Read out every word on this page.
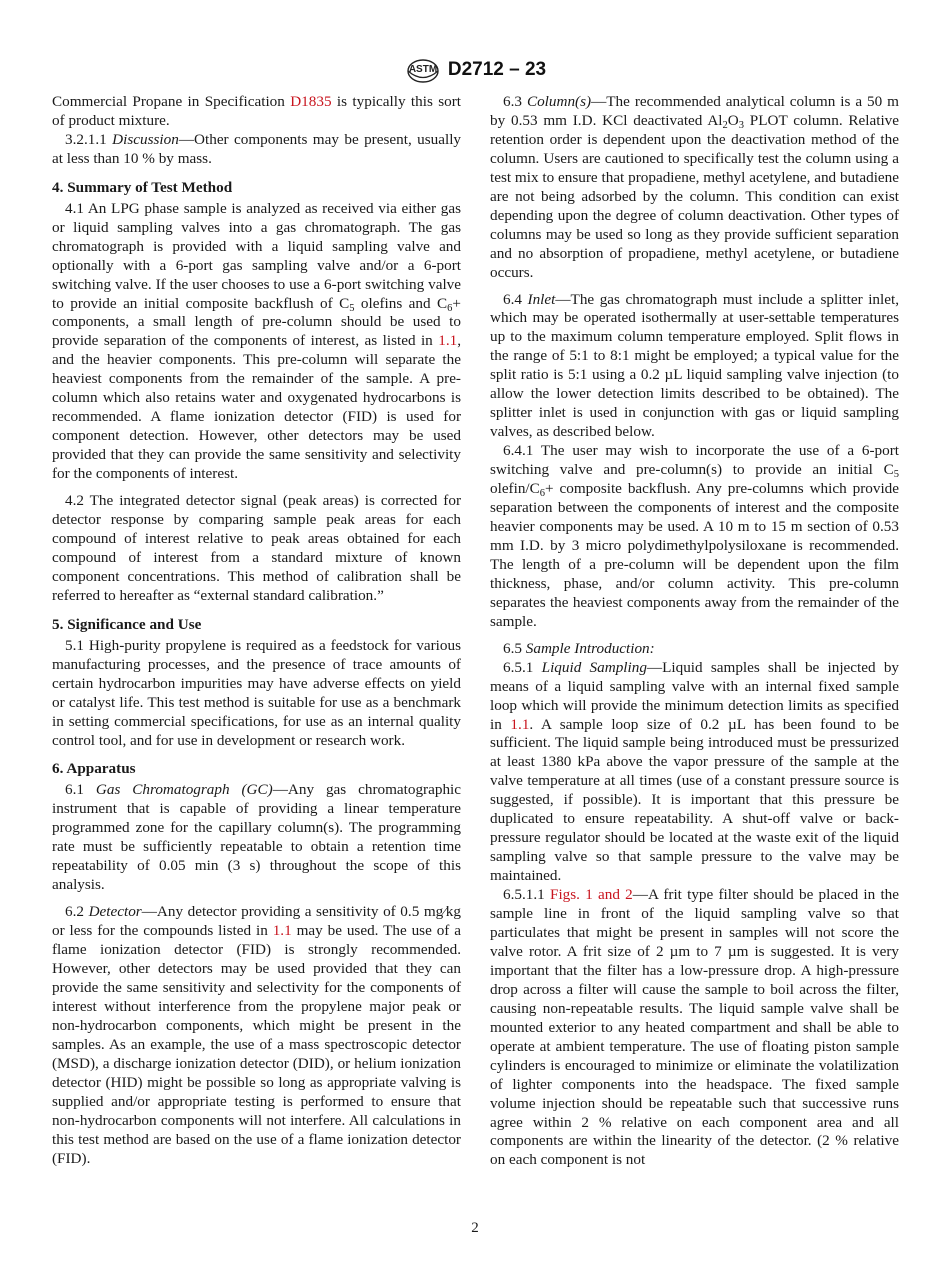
ASTM D2712 – 23
Commercial Propane in Specification D1835 is typically this sort of product mixture.
3.2.1.1 Discussion—Other components may be present, usually at less than 10 % by mass.
4. Summary of Test Method
4.1 An LPG phase sample is analyzed as received via either gas or liquid sampling valves into a gas chromatograph. The gas chromatograph is provided with a liquid sampling valve and optionally with a 6-port gas sampling valve and/or a 6-port switching valve. If the user chooses to use a 6-port switching valve to provide an initial composite backflush of $C_5$ olefins and $C_6+$ components, a small length of pre-column should be used to provide separation of the components of interest, as listed in 1.1, and the heavier components. This pre-column will separate the heaviest components from the remainder of the sample. A pre-column which also retains water and oxygenated hydrocarbons is recommended. A flame ionization detector (FID) is used for component detection. However, other detectors may be used provided that they can provide the same sensitivity and selectivity for the components of interest.
4.2 The integrated detector signal (peak areas) is corrected for detector response by comparing sample peak areas for each compound of interest relative to peak areas obtained for each compound of interest from a standard mixture of known component concentrations. This method of calibration shall be referred to hereafter as “external standard calibration.”
5. Significance and Use
5.1 High-purity propylene is required as a feedstock for various manufacturing processes, and the presence of trace amounts of certain hydrocarbon impurities may have adverse effects on yield or catalyst life. This test method is suitable for use as a benchmark in setting commercial specifications, for use as an internal quality control tool, and for use in development or research work.
6. Apparatus
6.1 Gas Chromatograph (GC)—Any gas chromatographic instrument that is capable of providing a linear temperature programmed zone for the capillary column(s). The programming rate must be sufficiently repeatable to obtain a retention time repeatability of 0.05 min (3 s) throughout the scope of this analysis.
6.2 Detector—Any detector providing a sensitivity of 0.5 mg⁄kg or less for the compounds listed in 1.1 may be used. The use of a flame ionization detector (FID) is strongly recommended. However, other detectors may be used provided that they can provide the same sensitivity and selectivity for the components of interest without interference from the propylene major peak or non-hydrocarbon components, which might be present in the samples. As an example, the use of a mass spectroscopic detector (MSD), a discharge ionization detector (DID), or helium ionization detector (HID) might be possible so long as appropriate valving is supplied and/or appropriate testing is performed to ensure that non-hydrocarbon components will not interfere. All calculations in this test method are based on the use of a flame ionization detector (FID).
6.3 Column(s)—The recommended analytical column is a 50 m by 0.53 mm I.D. KCl deactivated $Al_2O_3$ PLOT column. Relative retention order is dependent upon the deactivation method of the column. Users are cautioned to specifically test the column using a test mix to ensure that propadiene, methyl acetylene, and butadiene are not being adsorbed by the column. This condition can exist depending upon the degree of column deactivation. Other types of columns may be used so long as they provide sufficient separation and no absorption of propadiene, methyl acetylene, or butadiene occurs.
6.4 Inlet—The gas chromatograph must include a splitter inlet, which may be operated isothermally at user-settable temperatures up to the maximum column temperature employed. Split flows in the range of 5:1 to 8:1 might be employed; a typical value for the split ratio is 5:1 using a 0.2 µL liquid sampling valve injection (to allow the lower detection limits described to be obtained). The splitter inlet is used in conjunction with gas or liquid sampling valves, as described below.
6.4.1 The user may wish to incorporate the use of a 6-port switching valve and pre-column(s) to provide an initial $C_5$ olefin/$C_6+$ composite backflush. Any pre-columns which provide separation between the components of interest and the composite heavier components may be used. A 10 m to 15 m section of 0.53 mm I.D. by 3 micro polydimethylpolysiloxane is recommended. The length of a pre-column will be dependent upon the film thickness, phase, and/or column activity. This pre-column separates the heaviest components away from the remainder of the sample.
6.5 Sample Introduction:
6.5.1 Liquid Sampling—Liquid samples shall be injected by means of a liquid sampling valve with an internal fixed sample loop which will provide the minimum detection limits as specified in 1.1. A sample loop size of 0.2 µL has been found to be sufficient. The liquid sample being introduced must be pressurized at least 1380 kPa above the vapor pressure of the sample at the valve temperature at all times (use of a constant pressure source is suggested, if possible). It is important that this pressure be duplicated to ensure repeatability. A shut-off valve or back-pressure regulator should be located at the waste exit of the liquid sampling valve so that sample pressure to the valve may be maintained.
6.5.1.1 Figs. 1 and 2—A frit type filter should be placed in the sample line in front of the liquid sampling valve so that particulates that might be present in samples will not score the valve rotor. A frit size of 2 µm to 7 µm is suggested. It is very important that the filter has a low-pressure drop. A high-pressure drop across a filter will cause the sample to boil across the filter, causing non-repeatable results. The liquid sample valve shall be mounted exterior to any heated compartment and shall be able to operate at ambient temperature. The use of floating piston sample cylinders is encouraged to minimize or eliminate the volatilization of lighter components into the headspace. The fixed sample volume injection should be repeatable such that successive runs agree within 2 % relative on each component area and all components are within the linearity of the detector. (2 % relative on each component is not
2
